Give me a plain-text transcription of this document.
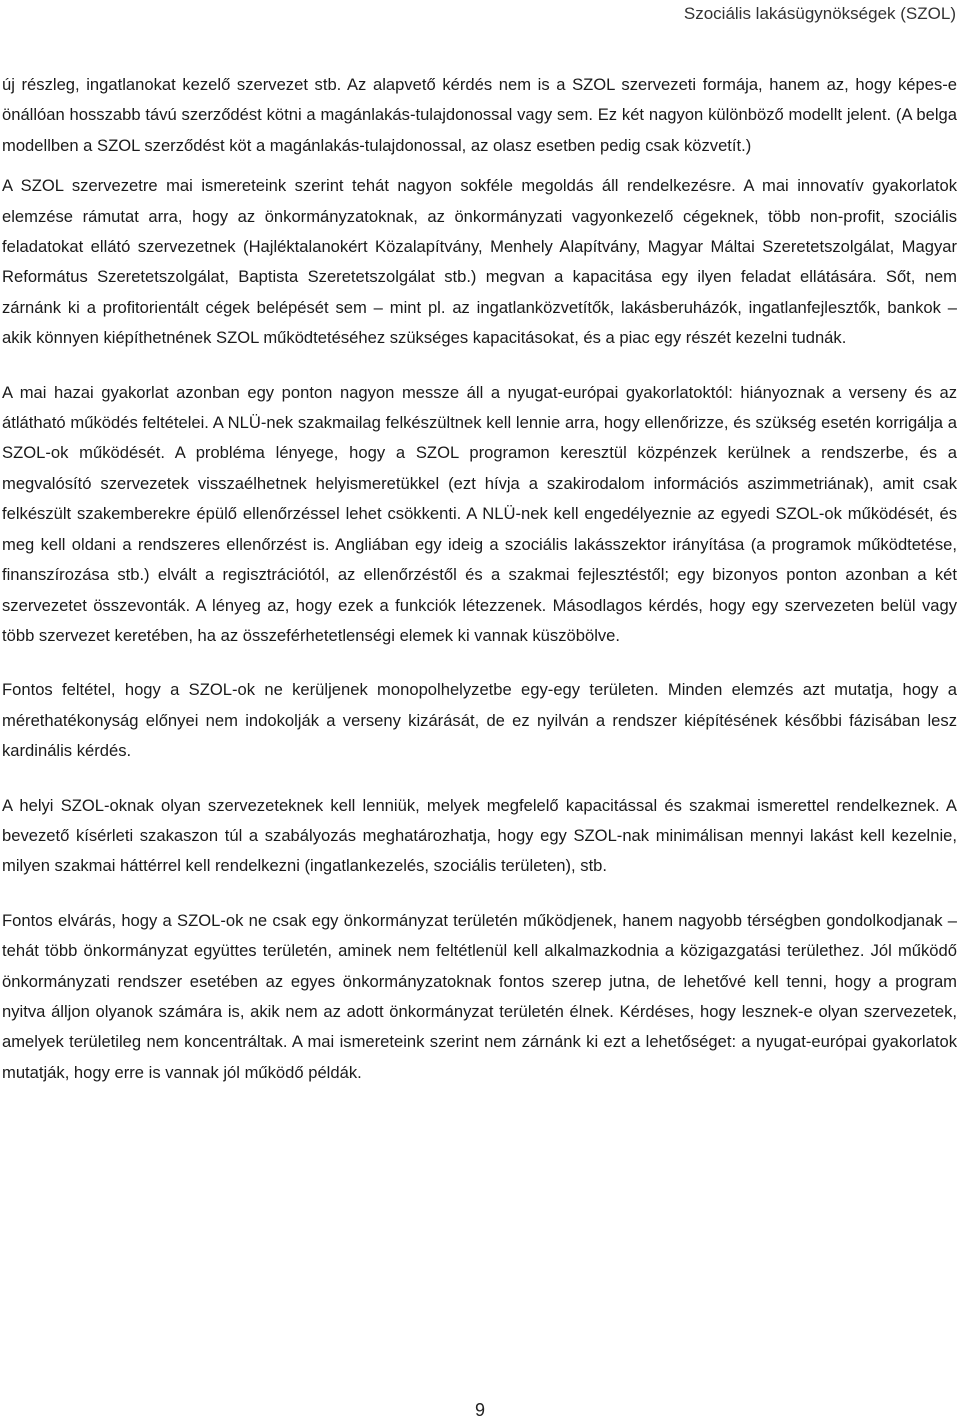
Szociális lakásügynökségek (SZOL)

új részleg, ingatlanokat kezelő szervezet stb. Az alapvető kérdés nem is a SZOL szervezeti formája, hanem az, hogy képes-e önállóan hosszabb távú szerződést kötni a magánlakás-tulajdonossal vagy sem. Ez két nagyon különböző modellt jelent. (A belga modellben a SZOL szerződést köt a magánlakás-tulajdonossal, az olasz esetben pedig csak közvetít.)

A SZOL szervezetre mai ismereteink szerint tehát nagyon sokféle megoldás áll rendelkezésre. A mai innovatív gyakorlatok elemzése rámutat arra, hogy az önkormányzatoknak, az önkormányzati vagyonkezelő cégeknek, több non-profit, szociális feladatokat ellátó szervezetnek (Hajléktalanokért Közalapítvány, Menhely Alapítvány, Magyar Máltai Szeretetszolgálat, Magyar Református Szeretetszolgálat, Baptista Szeretetszolgálat stb.) megvan a kapacitása egy ilyen feladat ellátására. Sőt, nem zárnánk ki a profitorientált cégek belépését sem – mint pl. az ingatlanközvetítők, lakásberuházók, ingatlanfejlesztők, bankok – akik könnyen kiépíthetnének SZOL működtetéséhez szükséges kapacitásokat, és a piac egy részét kezelni tudnák.

A mai hazai gyakorlat azonban egy ponton nagyon messze áll a nyugat-európai gyakorlatoktól: hiányoznak a verseny és az átlátható működés feltételei. A NLÜ-nek szakmailag felkészültnek kell lennie arra, hogy ellenőrizze, és szükség esetén korrigálja a SZOL-ok működését. A probléma lényege, hogy a SZOL programon keresztül közpénzek kerülnek a rendszerbe, és a megvalósító szervezetek visszaélhetnek helyismeretükkel (ezt hívja a szakirodalom információs aszimmetriának), amit csak felkészült szakemberekre épülő ellenőrzéssel lehet csökkenti. A NLÜ-nek kell engedélyeznie az egyedi SZOL-ok működését, és meg kell oldani a rendszeres ellenőrzést is. Angliában egy ideig a szociális lakásszektor irányítása (a programok működtetése, finanszírozása stb.) elvált a regisztrációtól, az ellenőrzéstől és a szakmai fejlesztéstől; egy bizonyos ponton azonban a két szervezetet összevonták. A lényeg az, hogy ezek a funkciók létezzenek. Másodlagos kérdés, hogy egy szervezeten belül vagy több szervezet keretében, ha az összeférhetetlenségi elemek ki vannak küszöbölve.

Fontos feltétel, hogy a SZOL-ok ne kerüljenek monopolhelyzetbe egy-egy területen. Minden elemzés azt mutatja, hogy a mérethatékonyság előnyei nem indokolják a verseny kizárását, de ez nyilván a rendszer kiépítésének későbbi fázisában lesz kardinális kérdés.

A helyi SZOL-oknak olyan szervezeteknek kell lenniük, melyek megfelelő kapacitással és szakmai ismerettel rendelkeznek. A bevezető kísérleti szakaszon túl a szabályozás meghatározhatja, hogy egy SZOL-nak minimálisan mennyi lakást kell kezelnie, milyen szakmai háttérrel kell rendelkezni (ingatlankezelés, szociális területen), stb.

Fontos elvárás, hogy a SZOL-ok ne csak egy önkormányzat területén működjenek, hanem nagyobb térségben gondolkodjanak – tehát több önkormányzat együttes területén, aminek nem feltétlenül kell alkalmazkodnia a közigazgatási területhez. Jól működő önkormányzati rendszer esetében az egyes önkormányzatoknak fontos szerep jutna, de lehetővé kell tenni, hogy a program nyitva álljon olyanok számára is, akik nem az adott önkormányzat területén élnek. Kérdéses, hogy lesznek-e olyan szervezetek, amelyek területileg nem koncentráltak. A mai ismereteink szerint nem zárnánk ki ezt a lehetőséget: a nyugat-európai gyakorlatok mutatják, hogy erre is vannak jól működő példák.

9
